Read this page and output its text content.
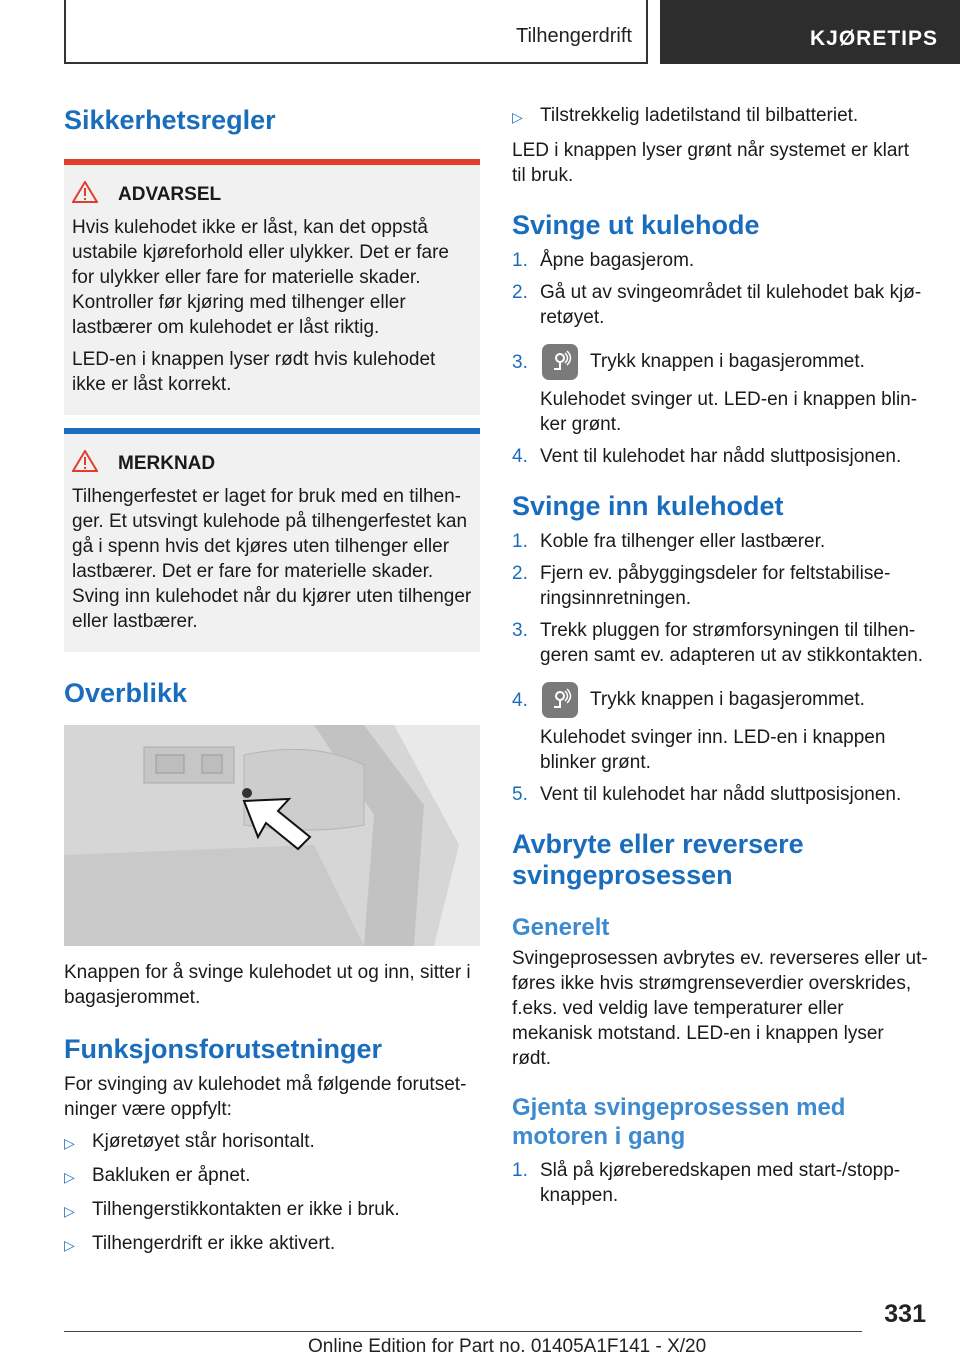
Tilhengerdrift	KJØRETIPS
Sikkerhetsregler
ADVARSEL

Hvis kulehodet ikke er låst, kan det oppstå ustabile kjøreforhold eller ulykker. Det er fare for ulykker eller fare for materielle skader. Kontroller før kjøring med tilhenger eller lastbærer om kulehodet er låst riktig.

LED-en i knappen lyser rødt hvis kulehodet ikke er låst korrekt.

MERKNAD

Tilhengerfestet er laget for bruk med en tilhenger. Et utsvingt kulehode på tilhengerfestet kan gå i spenn hvis det kjøres uten tilhenger eller lastbærer. Det er fare for materielle skader. Sving inn kulehodet når du kjører uten tilhenger eller lastbærer.

Overblikk

Knappen for å svinge kulehodet ut og inn, sitter i bagasjerommet.

Funksjonsforutsetninger

For svinging av kulehodet må følgende forutsetninger være oppfylt:

▷ Kjøretøyet står horisontalt.
▷ Bakluken er åpnet.
▷ Tilhengerstikkontakten er ikke i bruk.
▷ Tilhengerdrift er ikke aktivert.
▷ Tilstrekkelig ladetilstand til bilbatteriet.

LED i knappen lyser grønt når systemet er klart til bruk.

Svinge ut kulehode
1. Åpne bagasjerom.

2. Gå ut av svingeområdet til kulehodet bak kjøretøyet.

3.	Trykk knappen i bagasjerommet.

Kulehodet svinger ut. LED-en i knappen blinker grønt.

4. Vent til kulehodet har nådd sluttposisjonen.

Svinge inn kulehodet
1. Koble fra tilhenger eller lastbærer.

2. Fjern ev. påbyggingsdeler for feltstabiliseringsinnretningen.

3. Trekk pluggen for strømforsyningen til tilhengeren samt ev. adapteren ut av stikkontakten.

4.	Trykk knappen i bagasjerommet.

Kulehodet svinger inn. LED-en i knappen blinker grønt.

5. Vent til kulehodet har nådd sluttposisjonen.

Avbryte eller reversere svingeprosessen
Generelt

Svingeprosessen avbrytes ev. reverseres eller utføres ikke hvis strømgrenseverdier overskrides, f.eks. ved veldig lave temperaturer eller mekanisk motstand. LED-en i knappen lyser rødt.

Gjenta svingeprosessen med motoren i gang
1. Slå på kjøreberedskapen med start-/stopp-knappen.

331
Online Edition for Part no. 01405A1F141 - X/20
